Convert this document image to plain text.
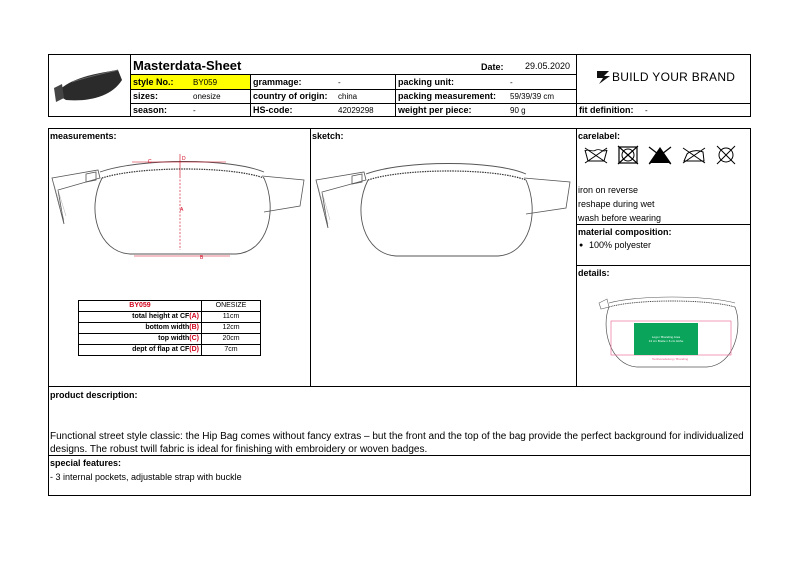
Masterdata-Sheet	Date: 29.05.2020
BUILD YOUR BRAND
style No.: BY059	grammage:	-	packing unit:	-
sizes:	onesize	country of origin: china	packing measurement: 59/39/39 cm
season:	-	HS-code:	42029298	weight per piece:	90 g	fit definition: -
measurements:	sketch:	carelabel:
C	D
A
B
BY059	ONESIZE
total height at CF(A)	11cm
bottom width(B)	12cm
top width(C)	20cm
dept of flap at CF(D)	7cm
iron on reverse
reshape during wet
wash before wearing
material composition:
● 100% polyester
details:
Logo / Branding Area
13 cm Breite x 6 cm Höhe
Textilveredelung / Branding
product description:
Functional street style classic: the Hip Bag comes without fancy extras – but the front and the top of the bag provide the perfect background for individualized designs. The robust twill fabric is ideal for finishing with embroidery or woven badges.
special features:
- 3 internal pockets, adjustable strap with buckle
